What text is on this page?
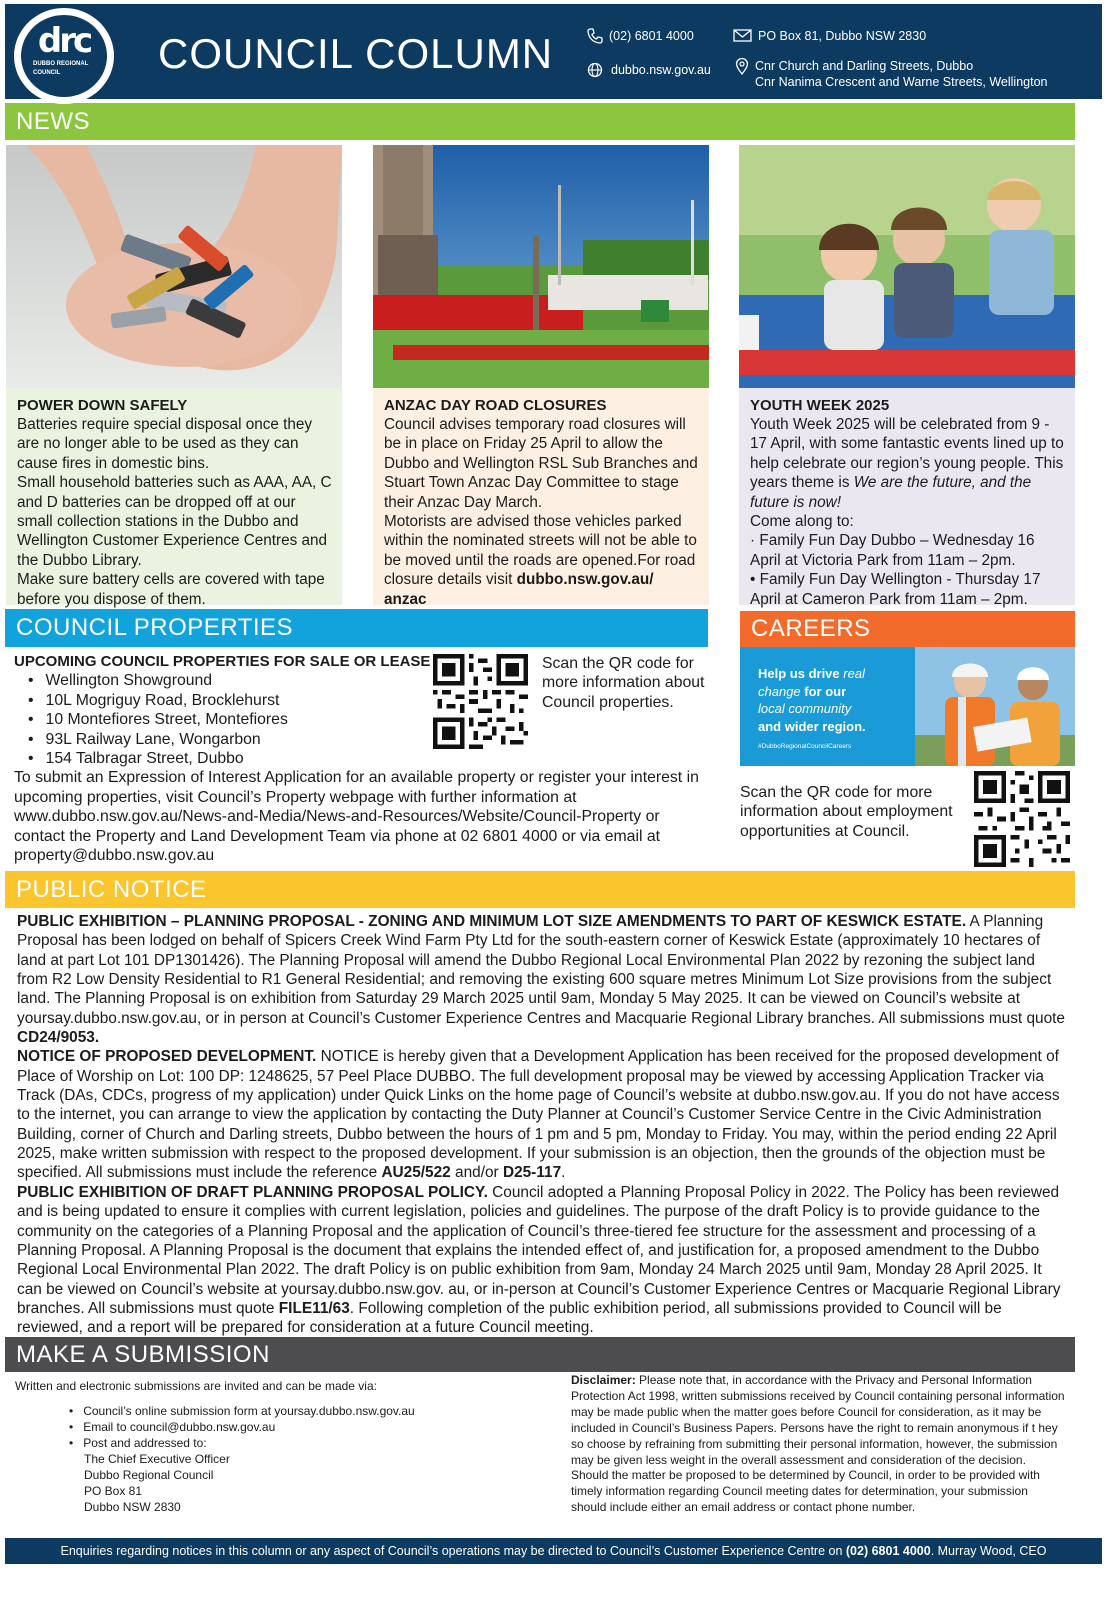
drc
DUBBO REGIONAL
COUNCIL	COUNCIL COLUMN	(02) 6801 4000
dubbo.nsw.gov.au
PO Box 81, Dubbo NSW 2830
Cnr Church and Darling Streets, Dubbo
Cnr Nanima Crescent and Warne Streets, Wellington
NEWS
POWER DOWN SAFELY

Batteries require special disposal once they are no longer able to be used as they can cause fires in domestic bins.

Small household batteries such as AAA, AA, C and D batteries can be dropped off at our small collection stations in the Dubbo and Wellington Customer Experience Centres and the Dubbo Library.

Make sure battery cells are covered with tape before you dispose of them.

ANZAC DAY ROAD CLOSURES

Council advises temporary road closures will be in place on Friday 25 April to allow the Dubbo and Wellington RSL Sub Branches and Stuart Town Anzac Day Committee to stage their Anzac Day March.

Motorists are advised those vehicles parked within the nominated streets will not be able to be moved until the roads are opened.For road closure details visit dubbo.nsw.gov.au/ anzac

YOUTH WEEK 2025

Youth Week 2025 will be celebrated from 9 - 17 April, with some fantastic events lined up to help celebrate our region’s young people. This years theme is We are the future, and the future is now!

Come along to:

· Family Fun Day Dubbo – Wednesday 16 April at Victoria Park from 11am – 2pm.

• Family Fun Day Wellington - Thursday 17 April at Cameron Park from 11am – 2pm.

COUNCIL PROPERTIES
UPCOMING COUNCIL PROPERTIES FOR SALE OR LEASE
• Wellington Showground
• 10L Mogriguy Road, Brocklehurst
• 10 Montefiores Street, Montefiores
• 93L Railway Lane, Wongarbon
• 154 Talbragar Street, Dubbo

To submit an Expression of Interest Application for an available property or register your interest in upcoming properties, visit Council’s Property webpage with further information at www.dubbo.nsw.gov.au/News-and-Media/News-and-Resources/Website/Council-Property or contact the Property and Land Development Team via phone at 02 6801 4000 or via email at property@dubbo.nsw.gov.au

Scan the QR code for more information about Council properties.
CAREERS
Help us drive real
change for our
local community
and wider region.
#DubboRegionalCouncilCareers
Scan the QR code for more information about employment opportunities at Council.
PUBLIC NOTICE
PUBLIC EXHIBITION – PLANNING PROPOSAL - ZONING AND MINIMUM LOT SIZE AMENDMENTS TO PART OF KESWICK ESTATE. A Planning Proposal has been lodged on behalf of Spicers Creek Wind Farm Pty Ltd for the south-eastern corner of Keswick Estate (approximately 10 hectares of land at part Lot 101 DP1301426). The Planning Proposal will amend the Dubbo Regional Local Environmental Plan 2022 by rezoning the subject land from R2 Low Density Residential to R1 General Residential; and removing the existing 600 square metres Minimum Lot Size provisions from the subject land. The Planning Proposal is on exhibition from Saturday 29 March 2025 until 9am, Monday 5 May 2025. It can be viewed on Council’s website at yoursay.dubbo.nsw.gov.au, or in person at Council’s Customer Experience Centres and Macquarie Regional Library branches. All submissions must quote CD24/9053.
NOTICE OF PROPOSED DEVELOPMENT. NOTICE is hereby given that a Development Application has been received for the proposed development of Place of Worship on Lot: 100 DP: 1248625, 57 Peel Place DUBBO. The full development proposal may be viewed by accessing Application Tracker via Track (DAs, CDCs, progress of my application) under Quick Links on the home page of Council’s website at dubbo.nsw.gov.au. If you do not have access to the internet, you can arrange to view the application by contacting the Duty Planner at Council’s Customer Service Centre in the Civic Administration Building, corner of Church and Darling streets, Dubbo between the hours of 1 pm and 5 pm, Monday to Friday. You may, within the period ending 22 April 2025, make written submission with respect to the proposed development. If your submission is an objection, then the grounds of the objection must be specified. All submissions must include the reference AU25/522 and/or D25-117.
PUBLIC EXHIBITION OF DRAFT PLANNING PROPOSAL POLICY. Council adopted a Planning Proposal Policy in 2022. The Policy has been reviewed and is being updated to ensure it complies with current legislation, policies and guidelines. The purpose of the draft Policy is to provide guidance to the community on the categories of a Planning Proposal and the application of Council’s three-tiered fee structure for the assessment and processing of a Planning Proposal. A Planning Proposal is the document that explains the intended effect of, and justification for, a proposed amendment to the Dubbo Regional Local Environmental Plan 2022. The draft Policy is on public exhibition from 9am, Monday 24 March 2025 until 9am, Monday 28 April 2025. It can be viewed on Council’s website at yoursay.dubbo.nsw.gov. au, or in-person at Council’s Customer Experience Centres or Macquarie Regional Library branches. All submissions must quote FILE11/63. Following completion of the public exhibition period, all submissions provided to Council will be reviewed, and a report will be prepared for consideration at a future Council meeting.
MAKE A SUBMISSION
Written and electronic submissions are invited and can be made via:
• Council’s online submission form at yoursay.dubbo.nsw.gov.au
• Email to council@dubbo.nsw.gov.au
• Post and addressed to:
The Chief Executive Officer
Dubbo Regional Council
PO Box 81
Dubbo NSW 2830
Disclaimer: Please note that, in accordance with the Privacy and Personal Information Protection Act 1998, written submissions received by Council containing personal information may be made public when the matter goes before Council for consideration, as it may be included in Council’s Business Papers. Persons have the right to remain anonymous if t hey so choose by refraining from submitting their personal information, however, the submission may be given less weight in the overall assessment and consideration of the decision. Should the matter be proposed to be determined by Council, in order to be provided with timely information regarding Council meeting dates for determination, your submission should include either an email address or contact phone number.
Enquiries regarding notices in this column or any aspect of Council’s operations may be directed to Council’s Customer Experience Centre on (02) 6801 4000. Murray Wood, CEO
